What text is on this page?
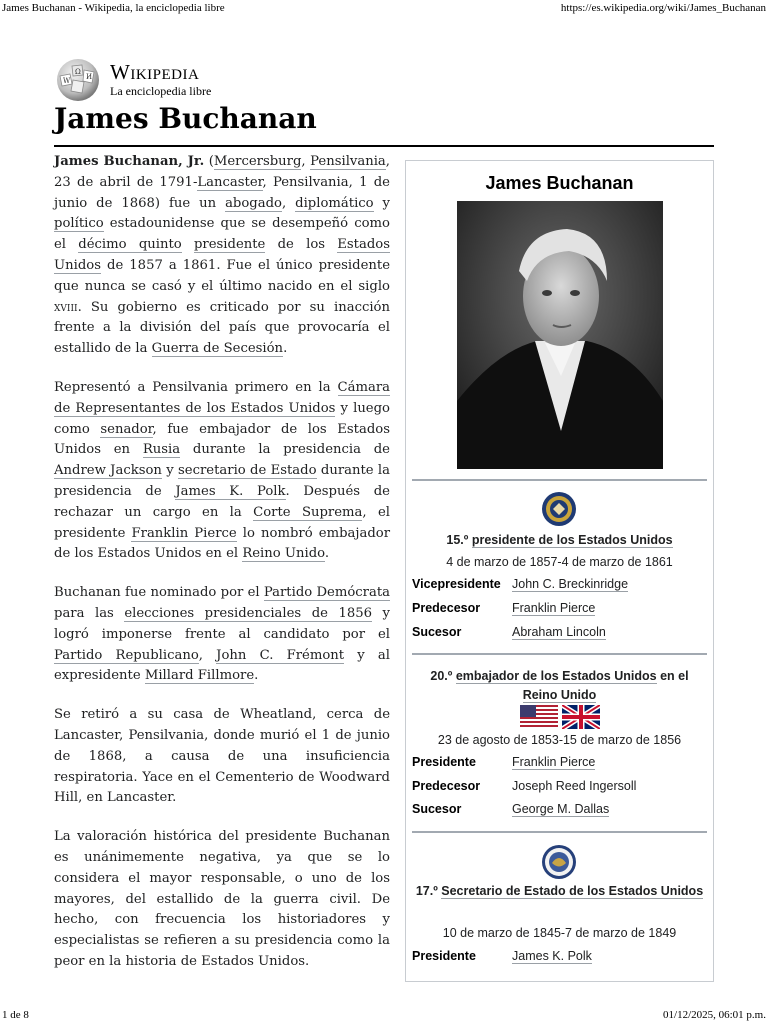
James Buchanan - Wikipedia, la enciclopedia libre	https://es.wikipedia.org/wiki/James_Buchanan
W
Ω
И Wikipedia
La enciclopedia libre
James Buchanan

James Buchanan, Jr. (Mercersburg, Pensilvania, 23 de abril de 1791-Lancaster, Pensilvania, 1 de junio de 1868) fue un abogado, diplomático y político estadounidense que se desempeñó como el décimo quinto presidente de los Estados Unidos de 1857 a 1861. Fue el único presidente que nunca se casó y el último nacido en el siglo xviii. Su gobierno es criticado por su inacción frente a la división del país que provocaría el estallido de la Guerra de Secesión.

Representó a Pensilvania primero en la Cámara de Representantes de los Estados Unidos y luego como senador, fue embajador de los Estados Unidos en Rusia durante la presidencia de Andrew Jackson y secretario de Estado durante la presidencia de James K. Polk. Después de rechazar un cargo en la Corte Suprema, el presidente Franklin Pierce lo nombró embajador de los Estados Unidos en el Reino Unido.

Buchanan fue nominado por el Partido Demócrata para las elecciones presidenciales de 1856 y logró imponerse frente al candidato por el Partido Republicano, John C. Frémont y al expresidente Millard Fillmore.

Se retiró a su casa de Wheatland, cerca de Lancaster, Pensilvania, donde murió el 1 de junio de 1868, a causa de una insuficiencia respiratoria. Yace en el Cementerio de Woodward Hill, en Lancaster.

La valoración histórica del presidente Buchanan es unánimemente negativa, ya que se lo considera el mayor responsable, o uno de los mayores, del estallido de la guerra civil. De hecho, con frecuencia los historiadores y especialistas se refieren a su presidencia como la peor en la historia de Estados Unidos.

James Buchanan
15.º presidente de los Estados Unidos
4 de marzo de 1857-4 de marzo de 1861
Vicepresidente John C. Breckinridge
Predecesor	Franklin Pierce
Sucesor	Abraham Lincoln
20.º embajador de los Estados Unidos en el Reino Unido
23 de agosto de 1853-15 de marzo de 1856
Presidente	Franklin Pierce
Predecesor	Joseph Reed Ingersoll
Sucesor	George M. Dallas
17.º Secretario de Estado de los Estados Unidos
10 de marzo de 1845-7 de marzo de 1849
Presidente	James K. Polk
1 de 8	01/12/2025, 06:01 p.m.
